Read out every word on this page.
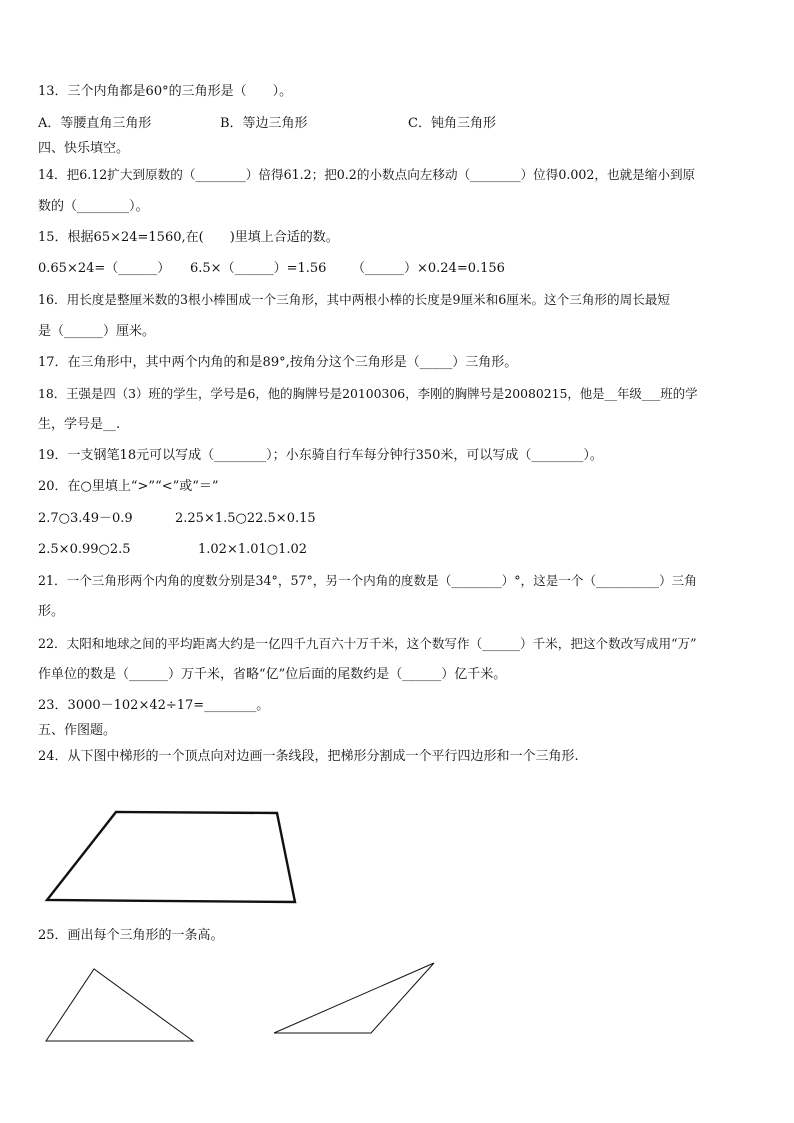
13．三个内角都是60°的三角形是（　　）。
A．等腰直角三角形	B．等边三角形	C．钝角三角形
四、快乐填空。
14．把6.12扩大到原数的（________）倍得61.2；把0.2的小数点向左移动（________）位得0.002，也就是缩小到原
数的（________）。
15．根据65×24=1560,在(　　)里填上合适的数。
0.65×24=（______） 6.5×（______）=1.56 （______）×0.24=0.156
16．用长度是整厘米数的3根小棒围成一个三角形，其中两根小棒的长度是9厘米和6厘米。这个三角形的周长最短
是（______）厘米。
17．在三角形中，其中两个内角的和是89°,按角分这个三角形是（_____）三角形。
18．王强是四（3）班的学生，学号是6，他的胸牌号是20100306，李刚的胸牌号是20080215，他是__年级___班的学
生，学号是__.
19．一支钢笔18元可以写成（________）；小东骑自行车每分钟行350米，可以写成（________）。
20．在○里填上“>”“<”或“＝”
2.7○3.49－0.9	2.25×1.5○22.5×0.15
2.5×0.99○2.5	1.02×1.01○1.02
21．一个三角形两个内角的度数分别是34°，57°，另一个内角的度数是（________）°，这是一个（__________）三角
形。
22．太阳和地球之间的平均距离大约是一亿四千九百六十万千米，这个数写作（______）千米，把这个数改写成用“万”
作单位的数是（______）万千米，省略“亿”位后面的尾数约是（______）亿千米。
23．3000－102×42÷17=________。
五、作图题。
24．从下图中梯形的一个顶点向对边画一条线段，把梯形分割成一个平行四边形和一个三角形.
25．画出每个三角形的一条高。
